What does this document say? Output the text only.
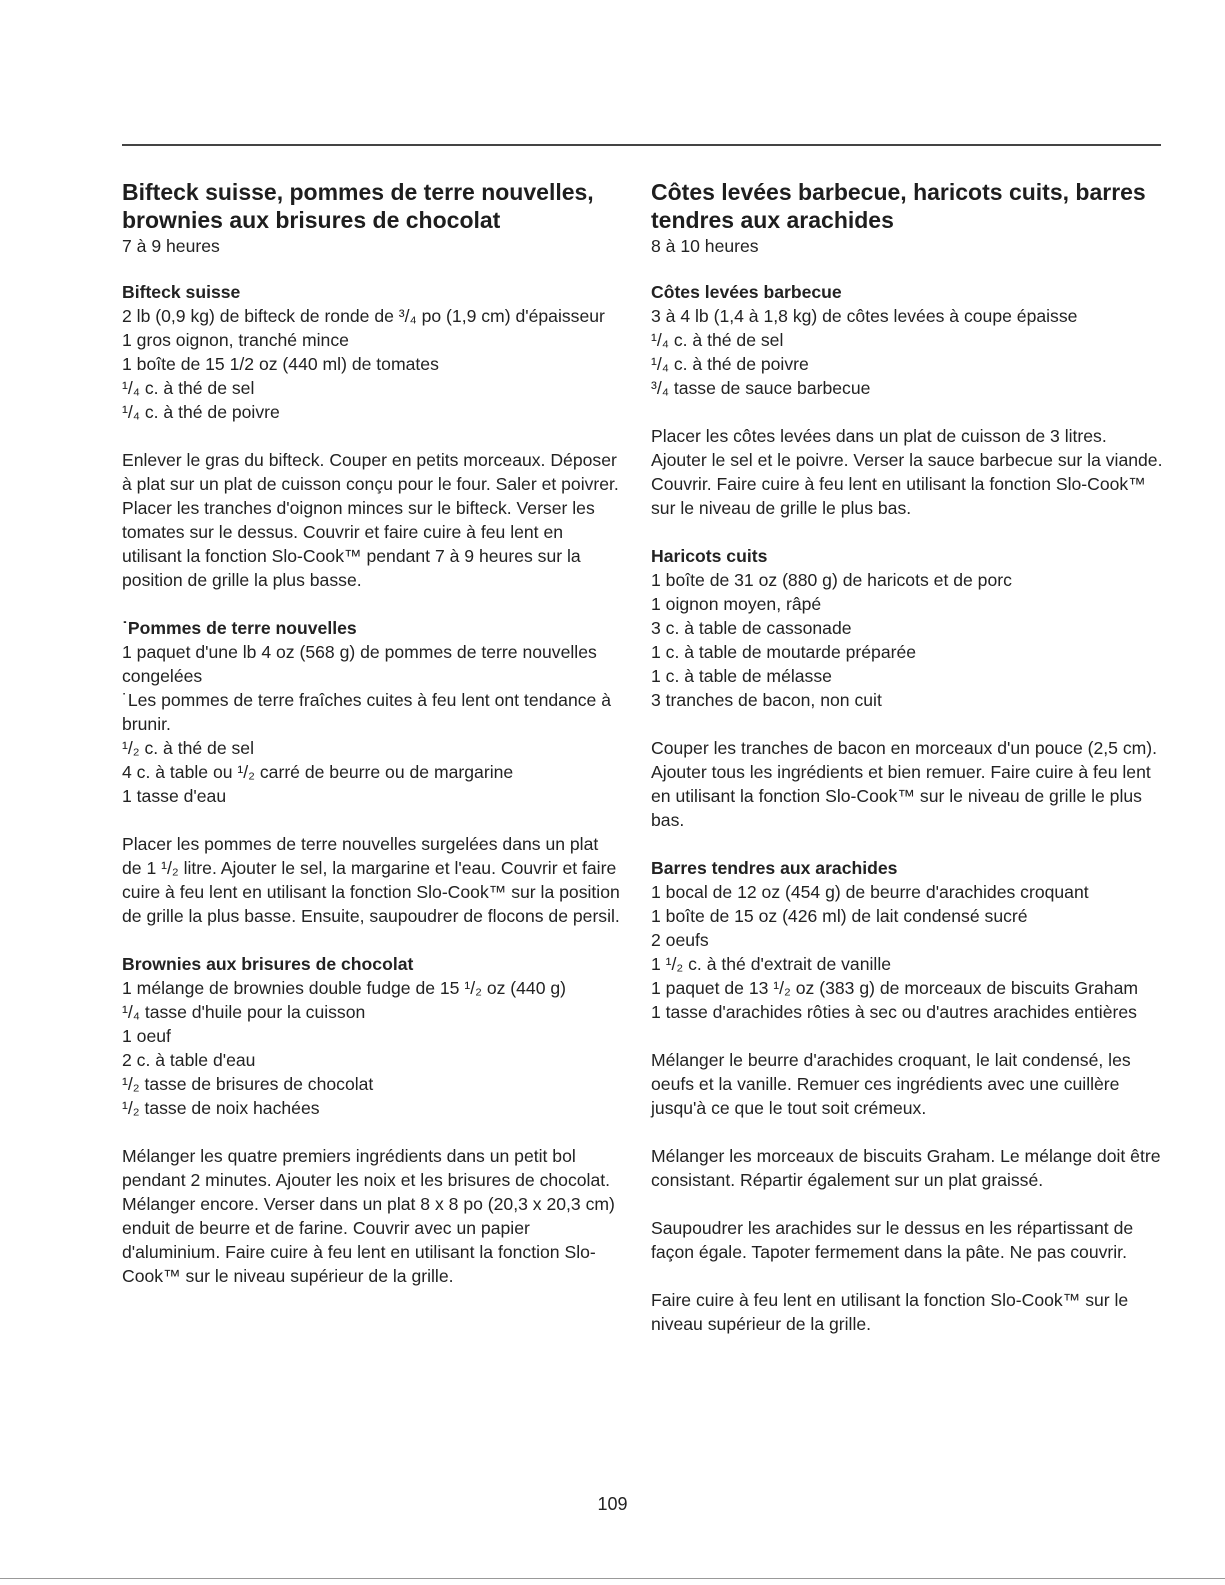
Bifteck suisse, pommes de terre nouvelles, brownies aux brisures de chocolat

7 à 9 heures

Bifteck suisse
2 lb (0,9 kg) de bifteck de ronde de ³/₄ po (1,9 cm) d'épaisseur
1 gros oignon, tranché mince
1 boîte de 15 1/2 oz (440 ml) de tomates
¹/₄ c. à thé de sel
¹/₄ c. à thé de poivre

Enlever le gras du bifteck. Couper en petits morceaux. Déposer à plat sur un plat de cuisson conçu pour le four. Saler et poivrer. Placer les tranches d'oignon minces sur le bifteck. Verser les tomates sur le dessus. Couvrir et faire cuire à feu lent en utilisant la fonction Slo-Cook™ pendant 7 à 9 heures sur la position de grille la plus basse.

˙Pommes de terre nouvelles
1 paquet d'une lb 4 oz (568 g) de pommes de terre nouvelles congelées
˙Les pommes de terre fraîches cuites à feu lent ont tendance à brunir.
¹/₂ c. à thé de sel
4 c. à table ou ¹/₂ carré de beurre ou de margarine
1 tasse d'eau

Placer les pommes de terre nouvelles surgelées dans un plat de 1 ¹/₂ litre. Ajouter le sel, la margarine et l'eau. Couvrir et faire cuire à feu lent en utilisant la fonction Slo-Cook™ sur la position de grille la plus basse. Ensuite, saupoudrer de flocons de persil.

Brownies aux brisures de chocolat
1 mélange de brownies double fudge de 15 ¹/₂ oz (440 g)
¹/₄ tasse d'huile pour la cuisson
1 oeuf
2 c. à table d'eau
¹/₂ tasse de brisures de chocolat
¹/₂ tasse de noix hachées

Mélanger les quatre premiers ingrédients dans un petit bol pendant 2 minutes. Ajouter les noix et les brisures de chocolat. Mélanger encore. Verser dans un plat 8 x 8 po (20,3 x 20,3 cm) enduit de beurre et de farine. Couvrir avec un papier d'aluminium. Faire cuire à feu lent en utilisant la fonction Slo-Cook™ sur le niveau supérieur de la grille.

Côtes levées barbecue, haricots cuits, barres tendres aux arachides

8 à 10 heures

Côtes levées barbecue
3 à 4 lb (1,4 à 1,8 kg) de côtes levées à coupe épaisse
¹/₄ c. à thé de sel
¹/₄ c. à thé de poivre
³/₄ tasse de sauce barbecue

Placer les côtes levées dans un plat de cuisson de 3 litres. Ajouter le sel et le poivre. Verser la sauce barbecue sur la viande. Couvrir. Faire cuire à feu lent en utilisant la fonction Slo-Cook™ sur le niveau de grille le plus bas.

Haricots cuits
1 boîte de 31 oz (880 g) de haricots et de porc
1 oignon moyen, râpé
3 c. à table de cassonade
1 c. à table de moutarde préparée
1 c. à table de mélasse
3 tranches de bacon, non cuit

Couper les tranches de bacon en morceaux d'un pouce (2,5 cm). Ajouter tous les ingrédients et bien remuer. Faire cuire à feu lent en utilisant la fonction Slo-Cook™ sur le niveau de grille le plus bas.

Barres tendres aux arachides
1 bocal de 12 oz (454 g) de beurre d'arachides croquant
1 boîte de 15 oz (426 ml) de lait condensé sucré
2 oeufs
1 ¹/₂ c. à thé d'extrait de vanille
1 paquet de 13 ¹/₂ oz (383 g) de morceaux de biscuits Graham
1 tasse d'arachides rôties à sec ou d'autres arachides entières

Mélanger le beurre d'arachides croquant, le lait condensé, les oeufs et la vanille. Remuer ces ingrédients avec une cuillère jusqu'à ce que le tout soit crémeux.

Mélanger les morceaux de biscuits Graham. Le mélange doit être consistant. Répartir également sur un plat graissé.

Saupoudrer les arachides sur le dessus en les répartissant de façon égale. Tapoter fermement dans la pâte. Ne pas couvrir.

Faire cuire à feu lent en utilisant la fonction Slo-Cook™ sur le niveau supérieur de la grille.

109
